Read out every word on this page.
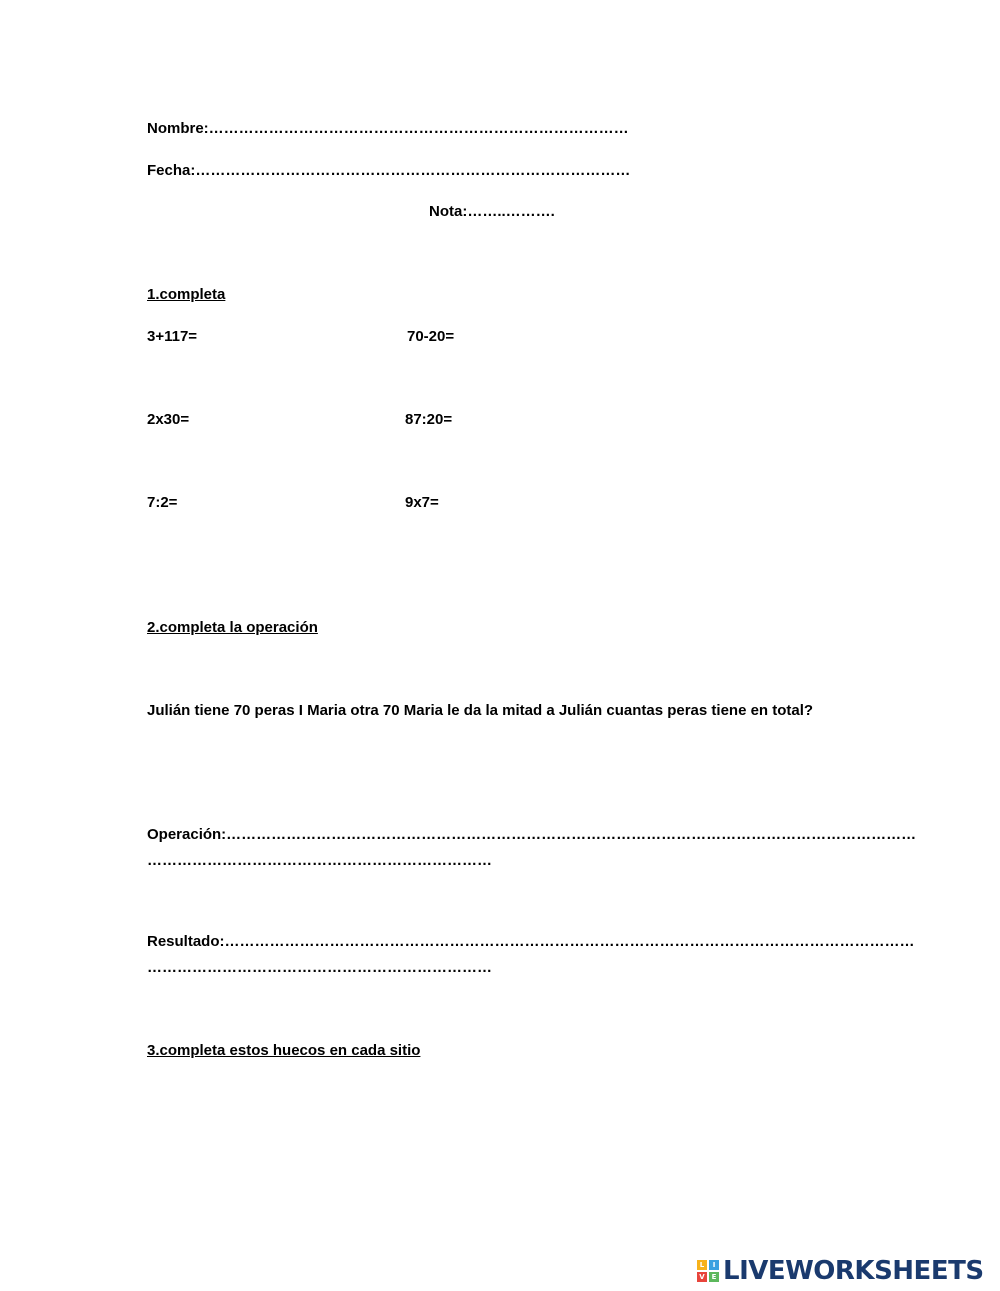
Nombre:…………………………………………………………………………
Fecha:……………………………………………………………………………
Nota:……..……….
1.completa
3+117=	70-20=
2x30=	87:20=
7:2=	9x7=
2.completa la operación
Julián tiene 70 peras I Maria otra 70 Maria le da la mitad a Julián cuantas peras tiene en total?
Operación:…………………………………………………………………………………………………………………………
……………………………………………………………
Resultado:…………………………………………………………………………………………………………………………
……………………………………………………………
3.completa estos huecos en cada sitio
L	I
V E LIVEWORKSHEETS
